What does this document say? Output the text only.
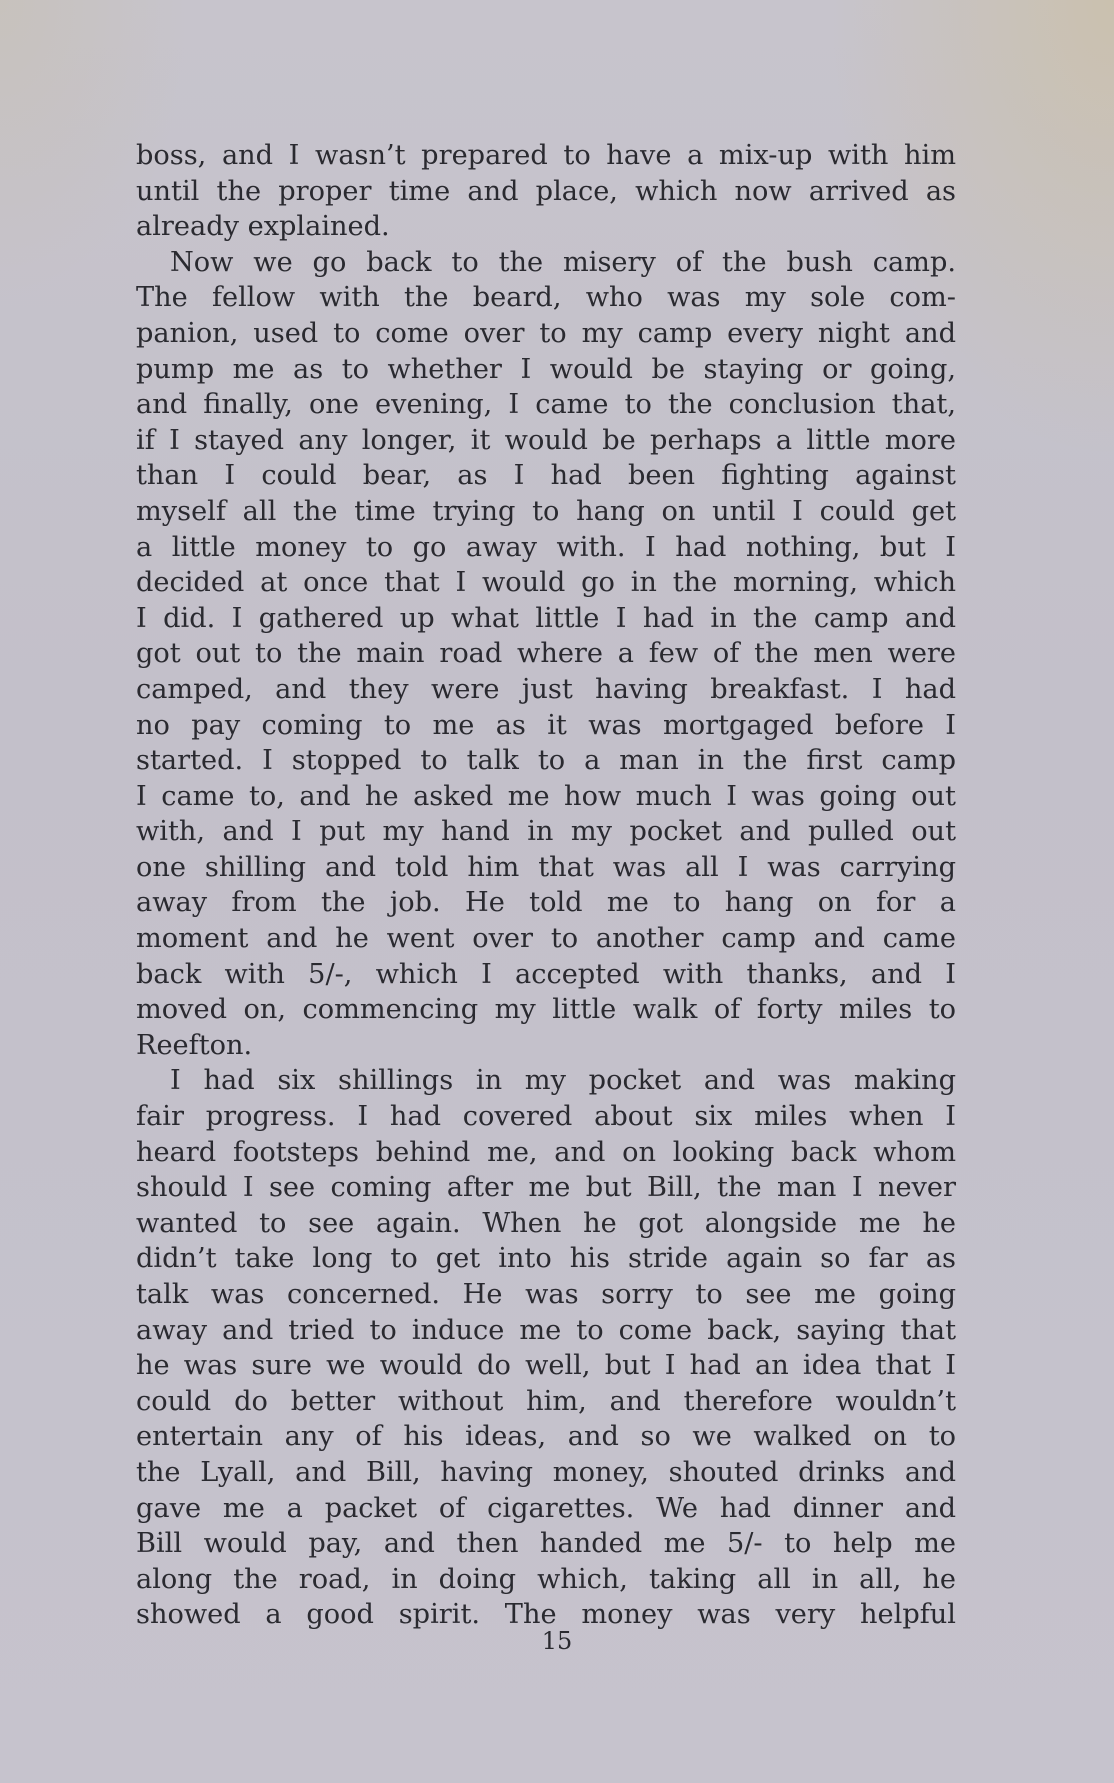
boss, and I wasn’t prepared to have a mix-up with him
until the proper time and place, which now arrived as
already explained.
Now we go back to the misery of the bush camp.
The fellow with the beard, who was my sole com-
panion, used to come over to my camp every night and
pump me as to whether I would be staying or going,
and finally, one evening, I came to the conclusion that,
if I stayed any longer, it would be perhaps a little more
than I could bear, as I had been fighting against
myself all the time trying to hang on until I could get
a little money to go away with. I had nothing, but I
decided at once that I would go in the morning, which
I did. I gathered up what little I had in the camp and
got out to the main road where a few of the men were
camped, and they were just having breakfast. I had
no pay coming to me as it was mortgaged before I
started. I stopped to talk to a man in the first camp
I came to, and he asked me how much I was going out
with, and I put my hand in my pocket and pulled out
one shilling and told him that was all I was carrying
away from the job. He told me to hang on for a
moment and he went over to another camp and came
back with 5/-, which I accepted with thanks, and I
moved on, commencing my little walk of forty miles to
Reefton.
I had six shillings in my pocket and was making
fair progress. I had covered about six miles when I
heard footsteps behind me, and on looking back whom
should I see coming after me but Bill, the man I never
wanted to see again. When he got alongside me he
didn’t take long to get into his stride again so far as
talk was concerned. He was sorry to see me going
away and tried to induce me to come back, saying that
he was sure we would do well, but I had an idea that I
could do better without him, and therefore wouldn’t
entertain any of his ideas, and so we walked on to
the Lyall, and Bill, having money, shouted drinks and
gave me a packet of cigarettes. We had dinner and
Bill would pay, and then handed me 5/- to help me
along the road, in doing which, taking all in all, he
showed a good spirit. The money was very helpful
15
